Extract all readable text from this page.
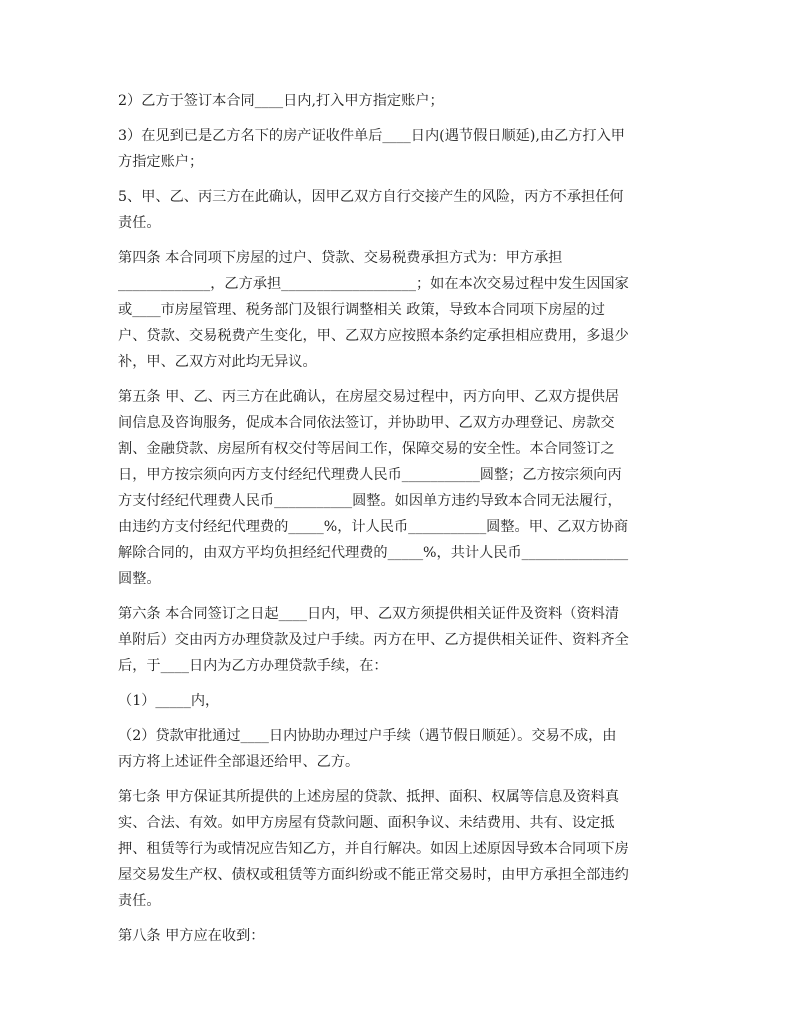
2）乙方于签订本合同____日内,打入甲方指定账户；

3）在见到已是乙方名下的房产证收件单后____日内(遇节假日顺延),由乙方打入甲
方指定账户；

5、甲、乙、丙三方在此确认，因甲乙双方自行交接产生的风险，丙方不承担任何
责任。

第四条 本合同项下房屋的过户、贷款、交易税费承担方式为：甲方承担
_____________，乙方承担___________________；如在本次交易过程中发生因国家
或____市房屋管理、税务部门及银行调整相关 政策，导致本合同项下房屋的过
户、贷款、交易税费产生变化，甲、乙双方应按照本条约定承担相应费用，多退少
补，甲、乙双方对此均无异议。

第五条 甲、乙、丙三方在此确认，在房屋交易过程中，丙方向甲、乙双方提供居
间信息及咨询服务，促成本合同依法签订，并协助甲、乙双方办理登记、房款交
割、金融贷款、房屋所有权交付等居间工作，保障交易的安全性。本合同签订之
日，甲方按宗须向丙方支付经纪代理费人民币___________圆整；乙方按宗须向丙
方支付经纪代理费人民币___________圆整。如因单方违约导致本合同无法履行，
由违约方支付经纪代理费的_____%，计人民币___________圆整。甲、乙双方协商
解除合同的，由双方平均负担经纪代理费的_____%，共计人民币_______________
圆整。

第六条 本合同签订之日起____日内，甲、乙双方须提供相关证件及资料（资料清
单附后）交由丙方办理贷款及过户手续。丙方在甲、乙方提供相关证件、资料齐全
后，于____日内为乙方办理贷款手续，在：

（1）_____内，

（2）贷款审批通过____日内协助办理过户手续（遇节假日顺延）。交易不成，由
丙方将上述证件全部退还给甲、乙方。

第七条 甲方保证其所提供的上述房屋的贷款、抵押、面积、权属等信息及资料真
实、合法、有效。如甲方房屋有贷款问题、面积争议、未结费用、共有、设定抵
押、租赁等行为或情况应告知乙方，并自行解决。如因上述原因导致本合同项下房
屋交易发生产权、债权或租赁等方面纠纷或不能正常交易时，由甲方承担全部违约
责任。

第八条 甲方应在收到：
